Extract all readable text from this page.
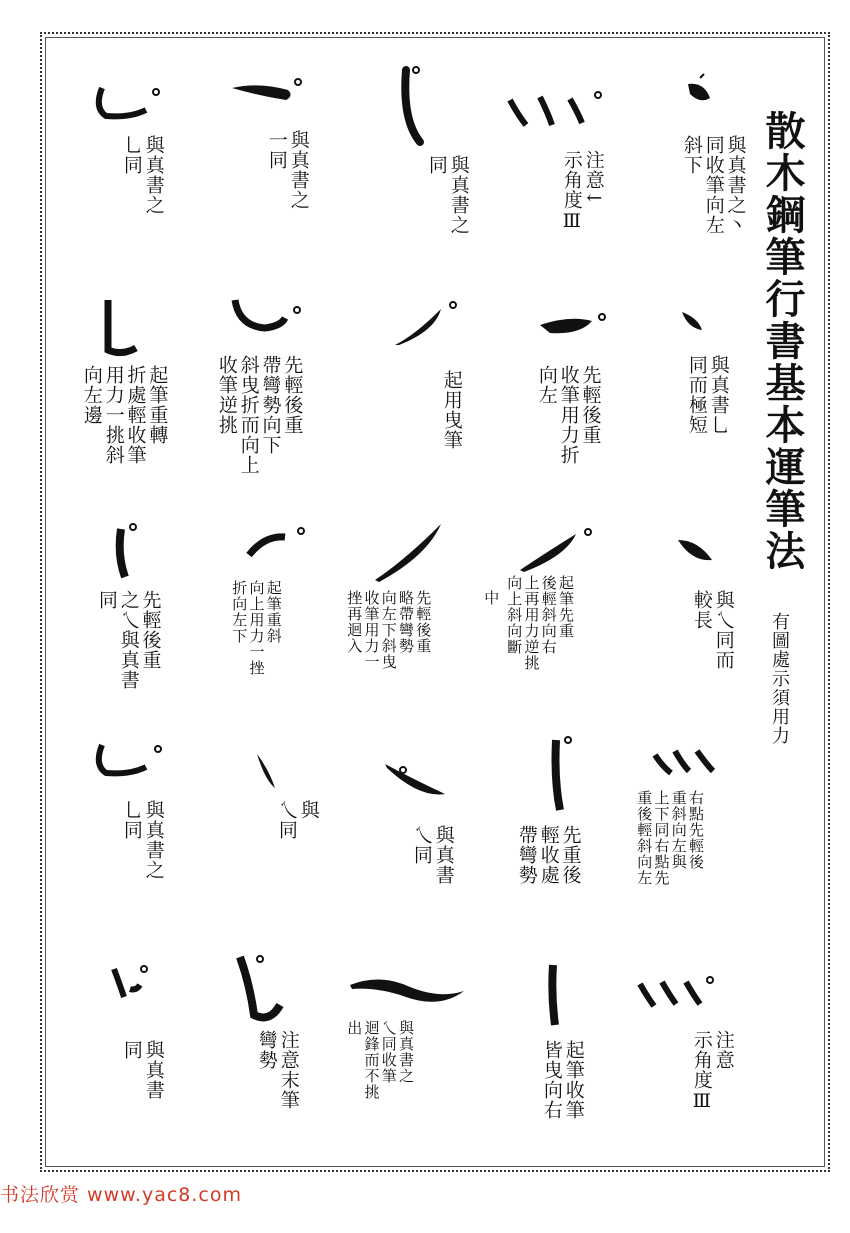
散木鋼筆行書基本運筆法
有圖處示須用力
與真書之丶
同收筆向左
斜下
注意↓
示角度Ⅲ
與真書之
同
與真書之
一同
與真書之
乚同
與真書乚
同而極短
先輕後重
收筆用力折
向左
起用曳筆
先輕後重
帶彎勢向下
斜曳折而向上
收筆逆挑
起筆重轉
折處輕收筆
用力一挑斜
向左邊
與乀同而
較長
起筆先重
後輕斜向右
上再用力逆挑
向上斜向斷
中
先輕後重
略帶彎勢
向左下斜曳
收筆用力一
挫再迴入
起筆重斜
向上用力一挫
折向左下
先輕後重
之乀與真書
同
右點先輕後
重斜向左與
上下同右點先
重後輕斜向左
先重後
輕收處
帶彎勢
與真書
乀同
與
乀同
與真書之
乚同
注意
示角度Ⅲ
起筆收筆
皆曳向右
與真書之
乀同收筆
迴鋒而不挑
出
注意末筆
彎勢
與真書
同
书法欣赏 www.yac8.com
